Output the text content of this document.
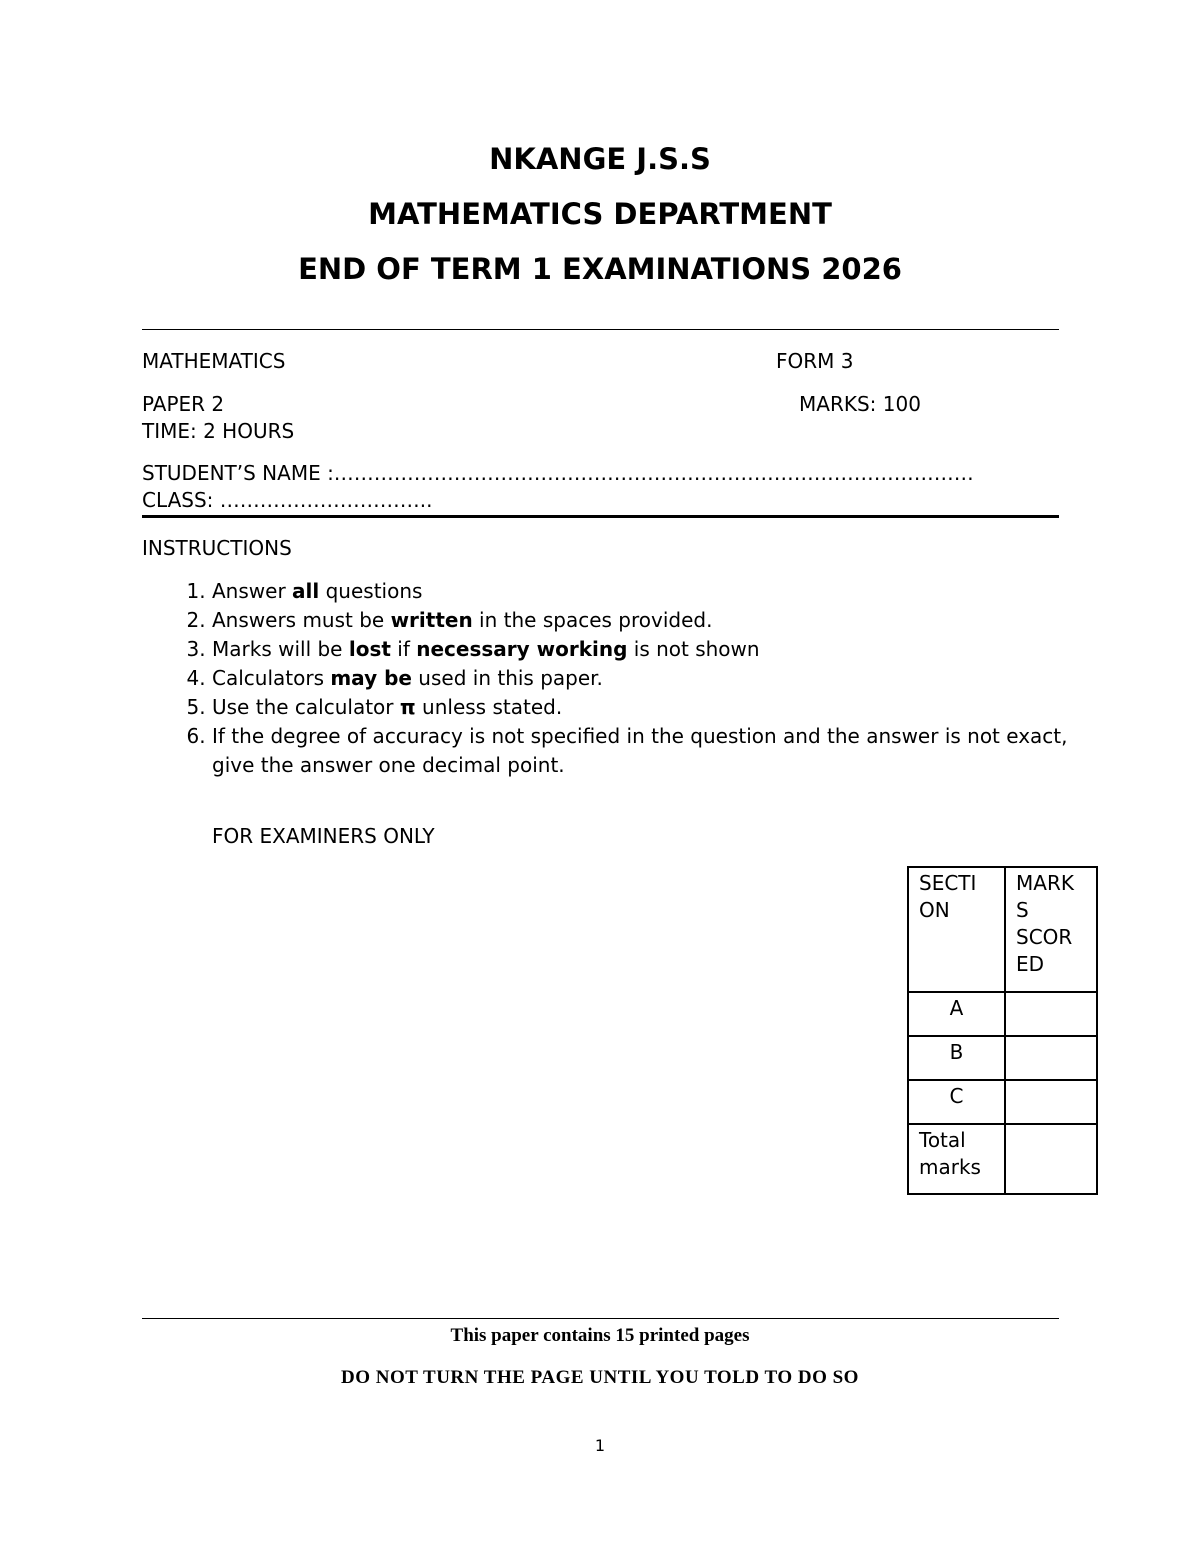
NKANGE J.S.S
MATHEMATICS DEPARTMENT
END OF TERM 1 EXAMINATIONS 2026
MATHEMATICS	FORM 3
PAPER 2	MARKS: 100
TIME: 2 HOURS
STUDENT’S NAME :……………………………………………………………………………………
CLASS: …………………………..
INSTRUCTIONS
1. Answer all questions
2. Answers must be written in the spaces provided.
3. Marks will be lost if necessary working is not shown
4. Calculators may be used in this paper.
5. Use the calculator π unless stated.
6. If the degree of accuracy is not specified in the question and the answer is not exact, give the answer one decimal point.
FOR EXAMINERS ONLY
SECTI ON	MARK S SCOR ED
A	
B	
C	
Total marks	
This paper contains 15 printed pages
DO NOT TURN THE PAGE UNTIL YOU TOLD TO DO SO
1
